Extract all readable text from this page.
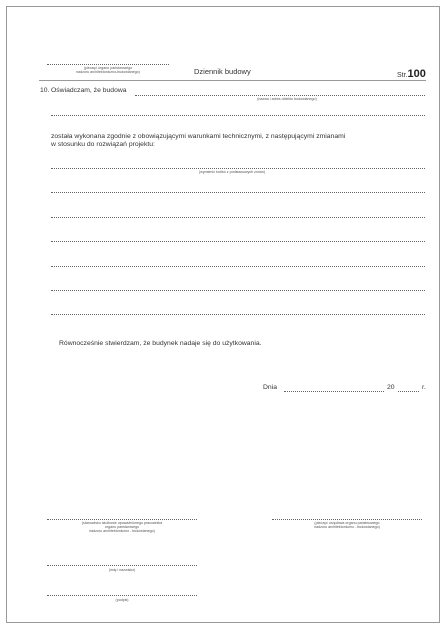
(pieczęć organu państwowego
nadzoru architektoniczno-budowlanego)	Dziennik budowy	Str.100
10. Oświadczam, że budowa
(nazwa i adres obiektu budowlanego)
została wykonana zgodnie z obowiązującymi warunkami technicznymi, z następującymi zmianami
w stosunku do rozwiązań projektu:
(wymienić krótko z podstawowych zmian)
Równocześnie stwierdzam, że budynek nadaje się do użytkowania.
Dnia	20	r.
(stanowisko służbowe upoważnionego pracownika
organu państwowego
nadzoru architektoniczno - budowlanego)
(pieczęć urzędowa organu państwowego
nadzoru architektoniczno - budowlanego)
(imię i nazwisko)
(podpis)
